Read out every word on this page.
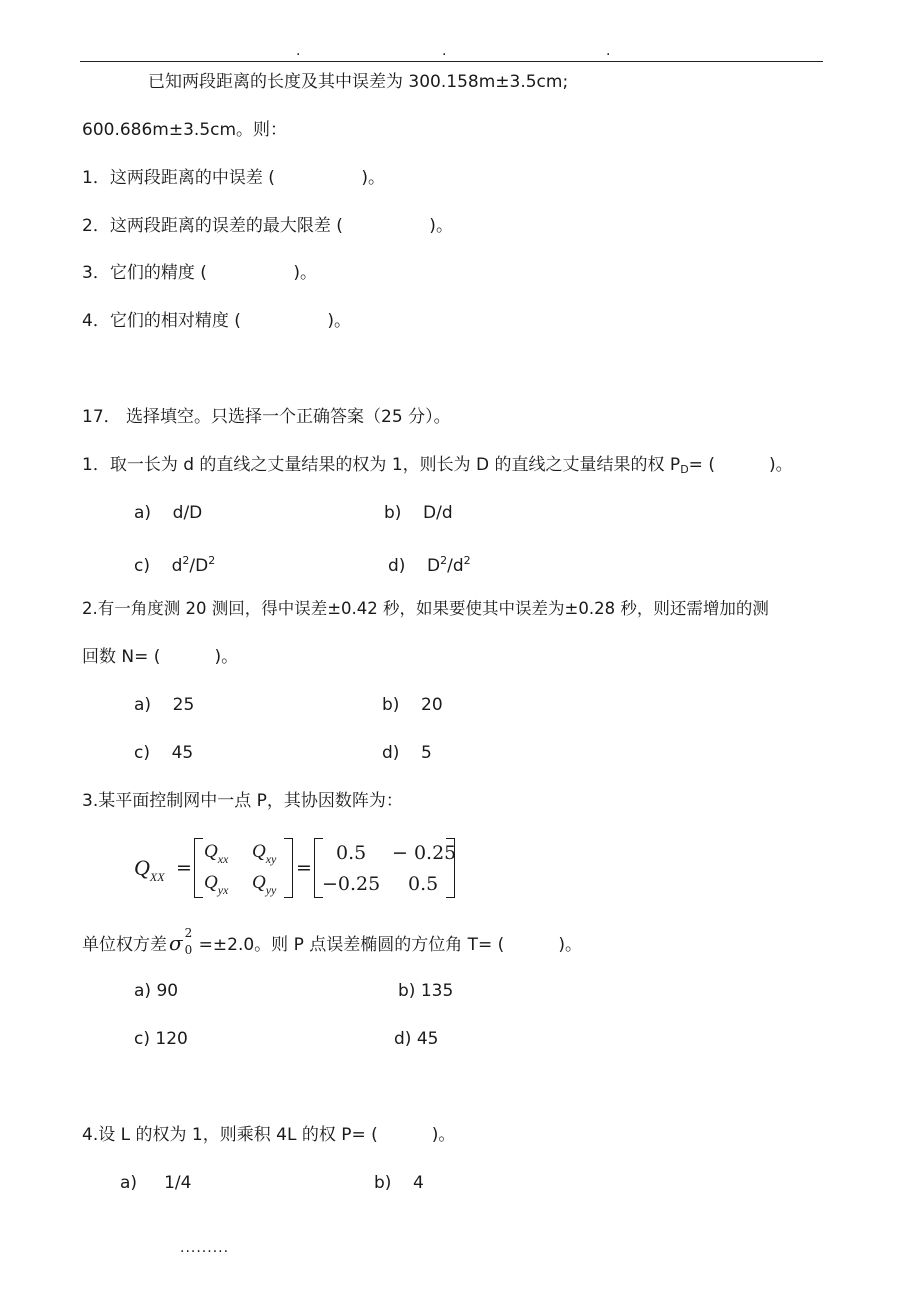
.	.	.
已知两段距离的长度及其中误差为 300.158m±3.5cm;
600.686m±3.5cm。则：
1．这两段距离的中误差 (                )。
2．这两段距离的误差的最大限差 (                )。
3．它们的精度 (                )。
4．它们的相对精度 (                )。
17． 选择填空。只选择一个正确答案（25 分）。
1．取一长为 d 的直线之丈量结果的权为 1，则长为 D 的直线之丈量结果的权 $P_D=$ (          )。
a)    d/D	b)    D/d
c)    $d^2/D^2$	d)    $D^2/d^2$
2.有一角度测 20 测回，得中误差±0.42 秒，如果要使其中误差为±0.28 秒，则还需增加的测
回数 N= (          )。
a)    25	b)    20
c)    45	d)    5
3.某平面控制网中一点 P，其协因数阵为：
$Q_{XX}$ =
$Q_{xx}$ $Q_{xy}$
$Q_{yx}$ $Q_{yy}$
=
0.5 − 0.25
−0.25 0.5
单位权方差 σ 2
0 =±2.0。则 P 点误差椭圆的方位角 T= (          )。
a) 90	b) 135
c) 120	d) 45
4.设 L 的权为 1，则乘积 4L 的权 P= (          )。
a)     1/4	b)    4
.........
